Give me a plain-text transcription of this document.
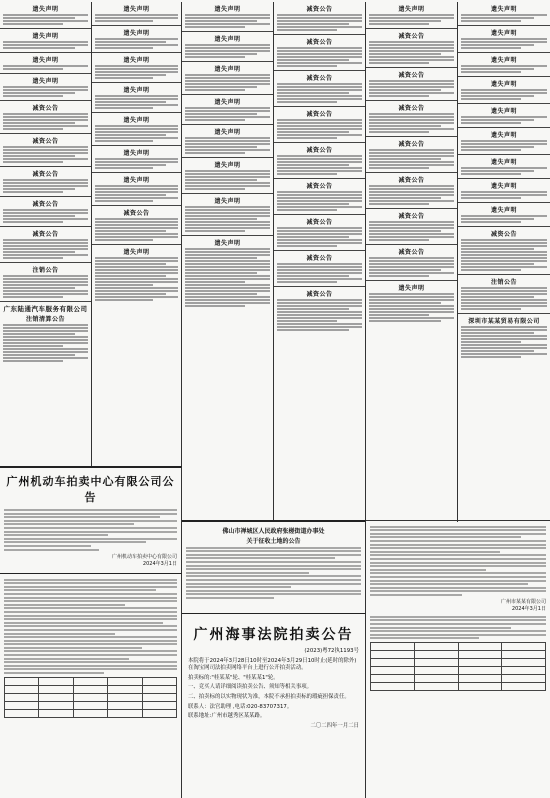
遗失声明
遗失声明
遗失声明
遗失声明
减资公告
减资公告
减资公告
减资公告
减资公告
注销公告
广东陆通汽车服务有限公司
注销清算公告
遗失声明
遗失声明
遗失声明
遗失声明
遗失声明
遗失声明
遗失声明
减资公告
遗失声明
遗失声明
遗失声明
遗失声明
遗失声明
遗失声明
遗失声明
遗失声明
遗失声明
减资公告
减资公告
减资公告
减资公告
减资公告
减资公告
减资公告
减资公告
减资公告
遗失声明
减资公告
减资公告
减资公告
减资公告
减资公告
减资公告
减资公告
遗失声明
遗失声明
遗失声明
遗失声明
遗失声明
遗失声明
遗失声明
遗失声明
遗失声明
遗失声明
减资公告
注销公告
深圳市某某贸易有限公司
广州机动车拍卖中心有限公司公告
广州机动车拍卖中心有限公司
2024年3月1日

佛山市禅城区人民政府张槎街道办事处
关于征收土地的公告
广州海事法院拍卖公告
(2023)粤72执1193号
本院将于2024年3月28日10时至2024年3月29日10时止(延时的除外)在淘宝网司法拍卖网络平台上进行公开拍卖活动。
拍卖标的:"桂某某"轮、"桂某某1"轮。
一、竞买人请详细阅读拍卖公告、须知等相关事项。
二、拍卖标的以实物现状为准，本院不承担拍卖标的瑕疵担保责任。
联系人：法官助理 ,电话:020-83707317。
联系地址:广州市越秀区某某路。
二〇二四年一月二日
广州市某某有限公司
2024年3月1日
